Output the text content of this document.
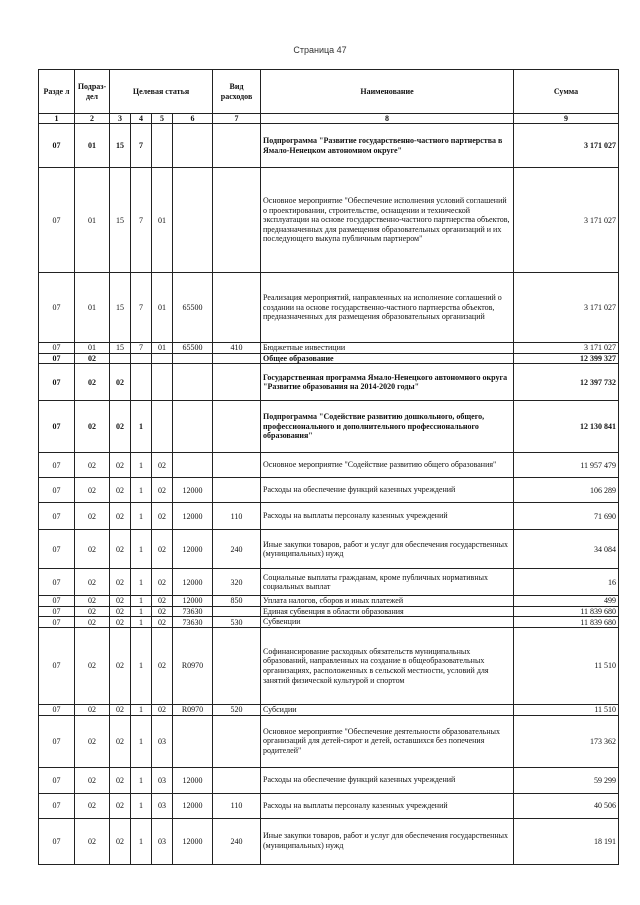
Страница 47
Разде л	Подраз-дел	Целевая статья				Вид расходов	Наименование	Сумма
1	2	3	4	5	6	7	8	9
07	01	15	7				Подпрограмма "Развитие государственно-частного партнерства в Ямало-Ненецком автономном округе"	3 171 027
07	01	15	7	01			Основное мероприятие "Обеспечение исполнения условий соглашений о проектировании, строительстве, оснащении и технической эксплуатации на основе государственно-частного партнерства объектов, предназначенных для размещения образовательных организаций и их последующего выкупа публичным партнером"	3 171 027
07	01	15	7	01	65500		Реализация мероприятий, направленных на исполнение соглашений о создании на основе государственно-частного партнерства объектов, предназначенных для размещения образовательных организаций	3 171 027
07	01	15	7	01	65500	410	Бюджетные инвестиции	3 171 027
07	02						Общее образование	12 399 327
07	02	02					Государственная программа Ямало-Ненецкого автономного округа "Развитие образования на 2014-2020 годы"	12 397 732
07	02	02	1				Подпрограмма "Содействие развитию дошкольного, общего, профессионального и дополнительного профессионального образования"	12 130 841
07	02	02	1	02			Основное мероприятие "Содействие развитию общего образования"	11 957 479
07	02	02	1	02	12000		Расходы на обеспечение функций казенных учреждений	106 289
07	02	02	1	02	12000	110	Расходы на выплаты персоналу казенных учреждений	71 690
07	02	02	1	02	12000	240	Иные закупки товаров, работ и услуг для обеспечения государственных (муниципальных) нужд	34 084
07	02	02	1	02	12000	320	Социальные выплаты гражданам, кроме публичных нормативных социальных выплат	16
07	02	02	1	02	12000	850	Уплата налогов, сборов и иных платежей	499
07	02	02	1	02	73630		Единая субвенция в области образования	11 839 680
07	02	02	1	02	73630	530	Субвенции	11 839 680
07	02	02	1	02	R0970		Софинансирование расходных обязательств муниципальных образований, направленных на создание в общеобразовательных организациях, расположенных в сельской местности, условий для занятий физической культурой и спортом	11 510
07	02	02	1	02	R0970	520	Субсидии	11 510
07	02	02	1	03			Основное мероприятие "Обеспечение деятельности образовательных организаций для детей-сирот и детей, оставшихся без попечения родителей"	173 362
07	02	02	1	03	12000		Расходы на обеспечение функций казенных учреждений	59 299
07	02	02	1	03	12000	110	Расходы на выплаты персоналу казенных учреждений	40 506
07	02	02	1	03	12000	240	Иные закупки товаров, работ и услуг для обеспечения государственных (муниципальных) нужд	18 191
